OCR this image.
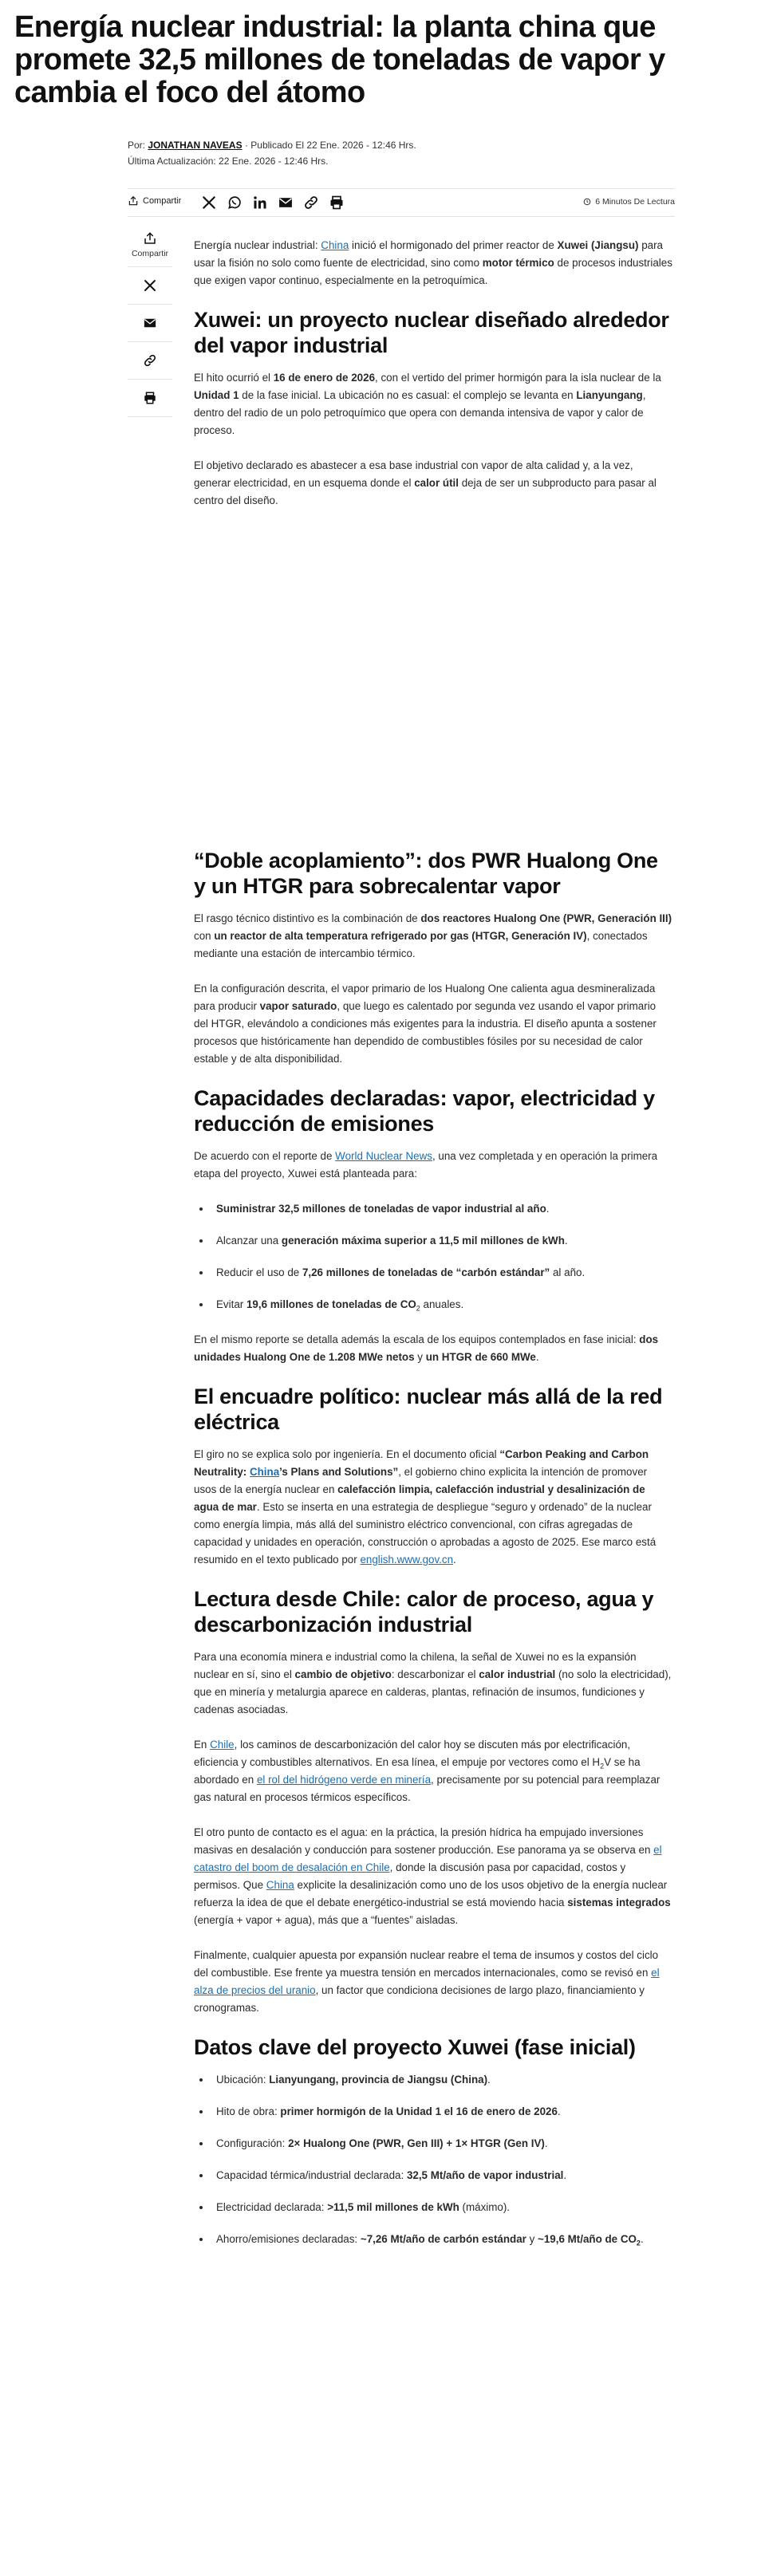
Energía nuclear industrial: la planta china que promete 32,5 millones de toneladas de vapor y cambia el foco del átomo
Por: JONATHAN NAVEAS · Publicado El 22 Ene. 2026 - 12:46 Hrs.
Última Actualización: 22 Ene. 2026 - 12:46 Hrs.
Compartir	6 Minutos De Lectura
Compartir

Energía nuclear industrial: China inició el hormigonado del primer reactor de Xuwei (Jiangsu) para usar la fisión no solo como fuente de electricidad, sino como motor térmico de procesos industriales que exigen vapor continuo, especialmente en la petroquímica.

Xuwei: un proyecto nuclear diseñado alrededor del vapor industrial

El hito ocurrió el 16 de enero de 2026, con el vertido del primer hormigón para la isla nuclear de la Unidad 1 de la fase inicial. La ubicación no es casual: el complejo se levanta en Lianyungang, dentro del radio de un polo petroquímico que opera con demanda intensiva de vapor y calor de proceso.

El objetivo declarado es abastecer a esa base industrial con vapor de alta calidad y, a la vez, generar electricidad, en un esquema donde el calor útil deja de ser un subproducto para pasar al centro del diseño.

“Doble acoplamiento”: dos PWR Hualong One y un HTGR para sobrecalentar vapor

El rasgo técnico distintivo es la combinación de dos reactores Hualong One (PWR, Generación III) con un reactor de alta temperatura refrigerado por gas (HTGR, Generación IV), conectados mediante una estación de intercambio térmico.

En la configuración descrita, el vapor primario de los Hualong One calienta agua desmineralizada para producir vapor saturado, que luego es calentado por segunda vez usando el vapor primario del HTGR, elevándolo a condiciones más exigentes para la industria. El diseño apunta a sostener procesos que históricamente han dependido de combustibles fósiles por su necesidad de calor estable y de alta disponibilidad.

Capacidades declaradas: vapor, electricidad y reducción de emisiones

De acuerdo con el reporte de World Nuclear News, una vez completada y en operación la primera etapa del proyecto, Xuwei está planteada para:

• Suministrar 32,5 millones de toneladas de vapor industrial al año.
• Alcanzar una generación máxima superior a 11,5 mil millones de kWh.
• Reducir el uso de 7,26 millones de toneladas de “carbón estándar” al año.
• Evitar 19,6 millones de toneladas de $CO_2$ anuales.

En el mismo reporte se detalla además la escala de los equipos contemplados en fase inicial: dos unidades Hualong One de 1.208 MWe netos y un HTGR de 660 MWe.

El encuadre político: nuclear más allá de la red eléctrica

El giro no se explica solo por ingeniería. En el documento oficial “Carbon Peaking and Carbon Neutrality: China’s Plans and Solutions”, el gobierno chino explicita la intención de promover usos de la energía nuclear en calefacción limpia, calefacción industrial y desalinización de agua de mar. Esto se inserta en una estrategia de despliegue “seguro y ordenado” de la nuclear como energía limpia, más allá del suministro eléctrico convencional, con cifras agregadas de capacidad y unidades en operación, construcción o aprobadas a agosto de 2025. Ese marco está resumido en el texto publicado por english.www.gov.cn.

Lectura desde Chile: calor de proceso, agua y descarbonización industrial

Para una economía minera e industrial como la chilena, la señal de Xuwei no es la expansión nuclear en sí, sino el cambio de objetivo: descarbonizar el calor industrial (no solo la electricidad), que en minería y metalurgia aparece en calderas, plantas, refinación de insumos, fundiciones y cadenas asociadas.

En Chile, los caminos de descarbonización del calor hoy se discuten más por electrificación, eficiencia y combustibles alternativos. En esa línea, el empuje por vectores como el $H_2V$ se ha abordado en el rol del hidrógeno verde en minería, precisamente por su potencial para reemplazar gas natural en procesos térmicos específicos.

El otro punto de contacto es el agua: en la práctica, la presión hídrica ha empujado inversiones masivas en desalación y conducción para sostener producción. Ese panorama ya se observa en el catastro del boom de desalación en Chile, donde la discusión pasa por capacidad, costos y permisos. Que China explicite la desalinización como uno de los usos objetivo de la energía nuclear refuerza la idea de que el debate energético-industrial se está moviendo hacia sistemas integrados (energía + vapor + agua), más que a “fuentes” aisladas.

Finalmente, cualquier apuesta por expansión nuclear reabre el tema de insumos y costos del ciclo del combustible. Ese frente ya muestra tensión en mercados internacionales, como se revisó en el alza de precios del uranio, un factor que condiciona decisiones de largo plazo, financiamiento y cronogramas.

Datos clave del proyecto Xuwei (fase inicial)
• Ubicación: Lianyungang, provincia de Jiangsu (China).
• Hito de obra: primer hormigón de la Unidad 1 el 16 de enero de 2026.
• Configuración: 2× Hualong One (PWR, Gen III) + 1× HTGR (Gen IV).
• Capacidad térmica/industrial declarada: 32,5 Mt/año de vapor industrial.
• Electricidad declarada: >11,5 mil millones de kWh (máximo).
• Ahorro/emisiones declaradas: ~7,26 Mt/año de carbón estándar y ~19,6 Mt/año de $CO_2$.
